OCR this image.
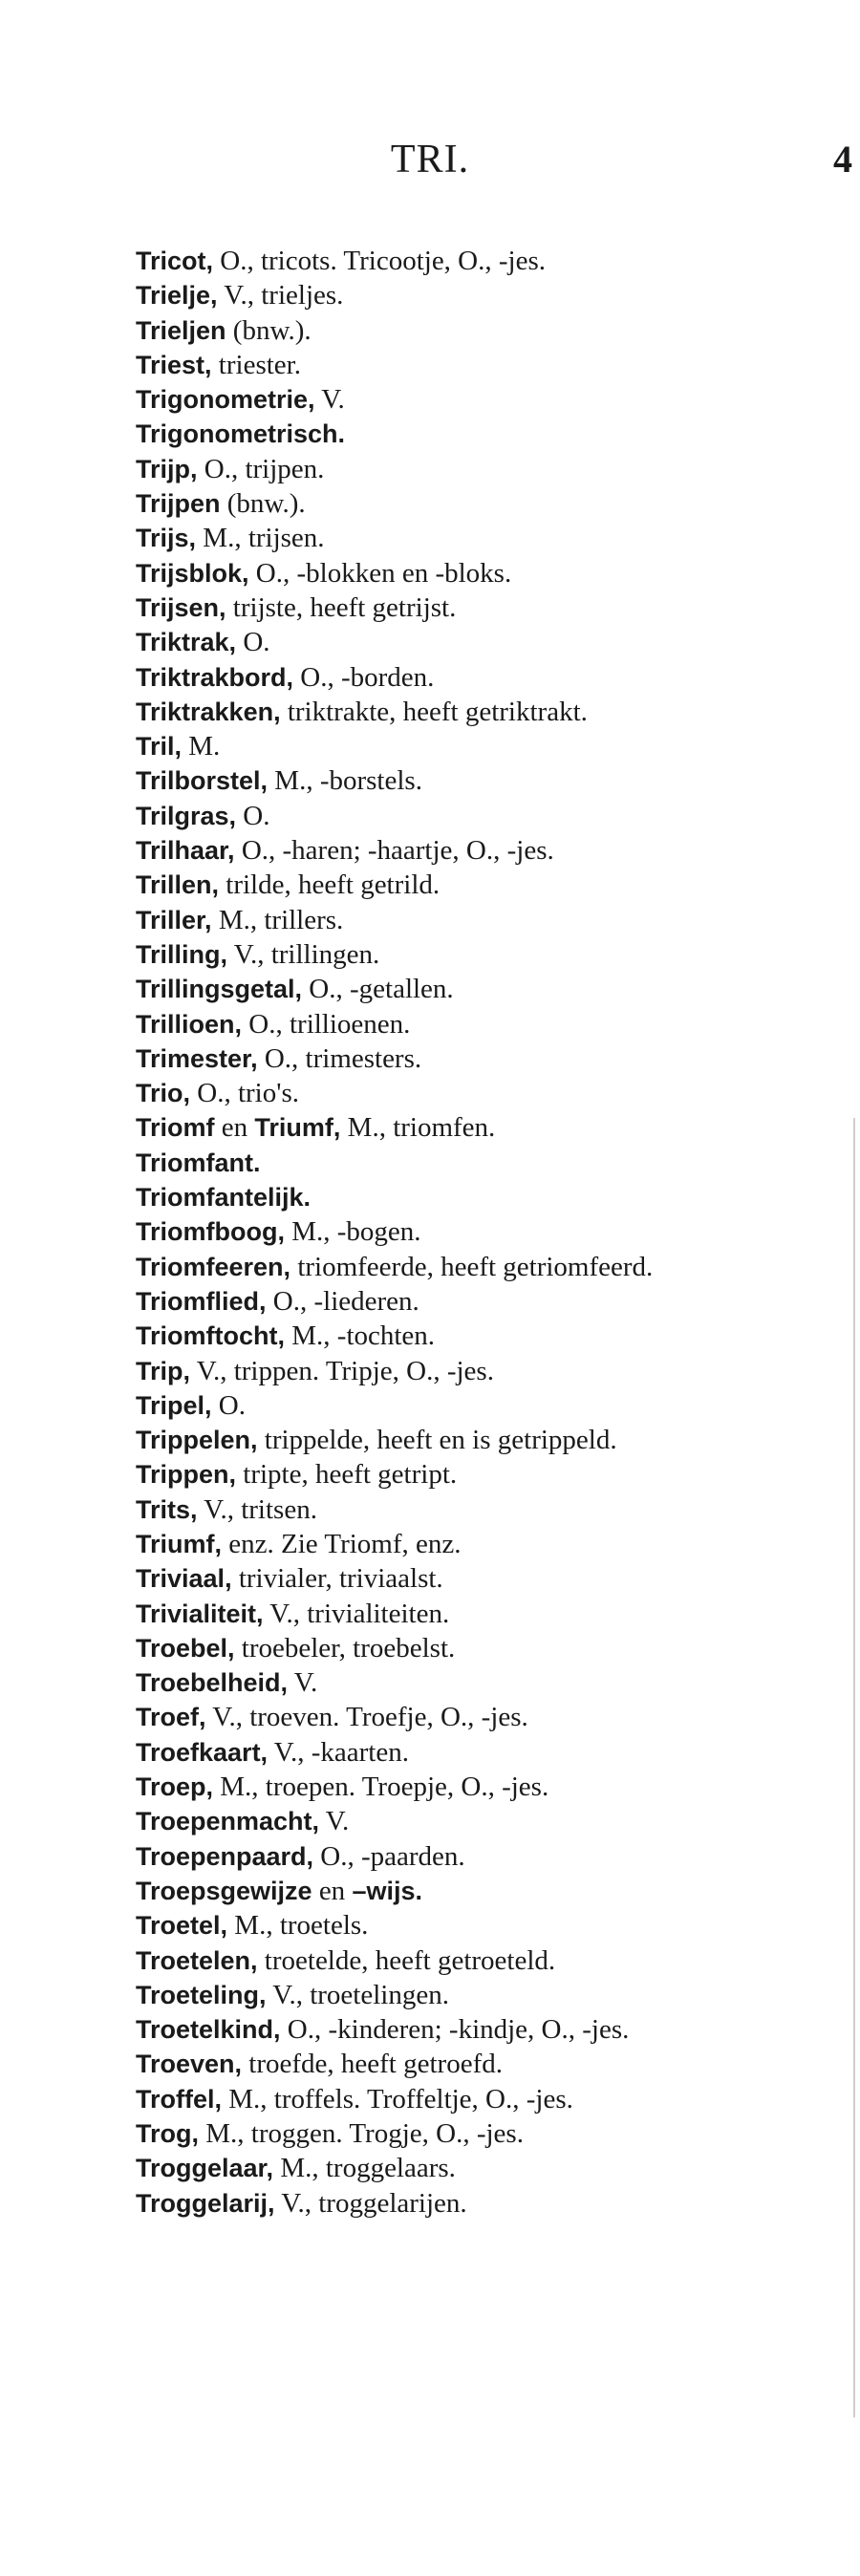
TRI.	4
Tricot, O., tricots. Tricootje, O., -jes.
Trielje, V., trieljes.
Trieljen (bnw.).
Triest, triester.
Trigonometrie, V.
Trigonometrisch.
Trijp, O., trijpen.
Trijpen (bnw.).
Trijs, M., trijsen.
Trijsblok, O., -blokken en -bloks.
Trijsen, trijste, heeft getrijst.
Triktrak, O.
Triktrakbord, O., -borden.
Triktrakken, triktrakte, heeft getriktrakt.
Tril, M.
Trilborstel, M., -borstels.
Trilgras, O.
Trilhaar, O., -haren; -haartje, O., -jes.
Trillen, trilde, heeft getrild.
Triller, M., trillers.
Trilling, V., trillingen.
Trillingsgetal, O., -getallen.
Trillioen, O., trillioenen.
Trimester, O., trimesters.
Trio, O., trio's.
Triomf en Triumf, M., triomfen.
Triomfant.
Triomfantelijk.
Triomfboog, M., -bogen.
Triomfeeren, triomfeerde, heeft getriomfeerd.
Triomflied, O., -liederen.
Triomftocht, M., -tochten.
Trip, V., trippen. Tripje, O., -jes.
Tripel, O.
Trippelen, trippelde, heeft en is getrippeld.
Trippen, tripte, heeft getript.
Trits, V., tritsen.
Triumf, enz. Zie Triomf, enz.
Triviaal, trivialer, triviaalst.
Trivialiteit, V., trivialiteiten.
Troebel, troebeler, troebelst.
Troebelheid, V.
Troef, V., troeven. Troefje, O., -jes.
Troefkaart, V., -kaarten.
Troep, M., troepen. Troepje, O., -jes.
Troepenmacht, V.
Troepenpaard, O., -paarden.
Troepsgewijze en –wijs.
Troetel, M., troetels.
Troetelen, troetelde, heeft getroeteld.
Troeteling, V., troetelingen.
Troetelkind, O., -kinderen; -kindje, O., -jes.
Troeven, troefde, heeft getroefd.
Troffel, M., troffels. Troffeltje, O., -jes.
Trog, M., troggen. Trogje, O., -jes.
Troggelaar, M., troggelaars.
Troggelarij, V., troggelarijen.
